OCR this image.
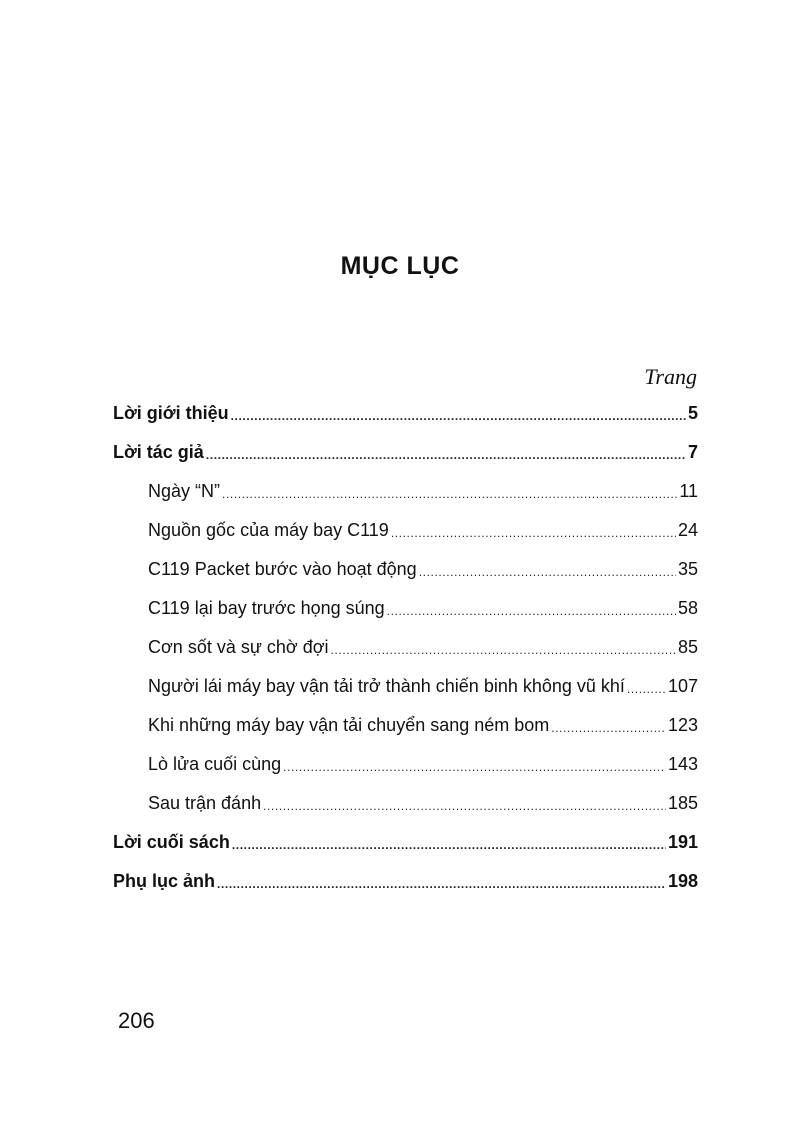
MỤC LỤC
Trang
Lời giới thiệu .....	5
Lời tác giả .....	7
Ngày “N” .....	11
Nguồn gốc của máy bay C119 .....	24
C119 Packet bước vào hoạt động .....	35
C119 lại bay trước họng súng .....	58
Cơn sốt và sự chờ đợi .....	85
Người lái máy bay vận tải trở thành chiến binh không vũ khí ..... 107
Khi những máy bay vận tải chuyển sang ném bom .....	123
Lò lửa cuối cùng .....	143
Sau trận đánh .....	185
Lời cuối sách .....	191
Phụ lục ảnh .....	198
206
